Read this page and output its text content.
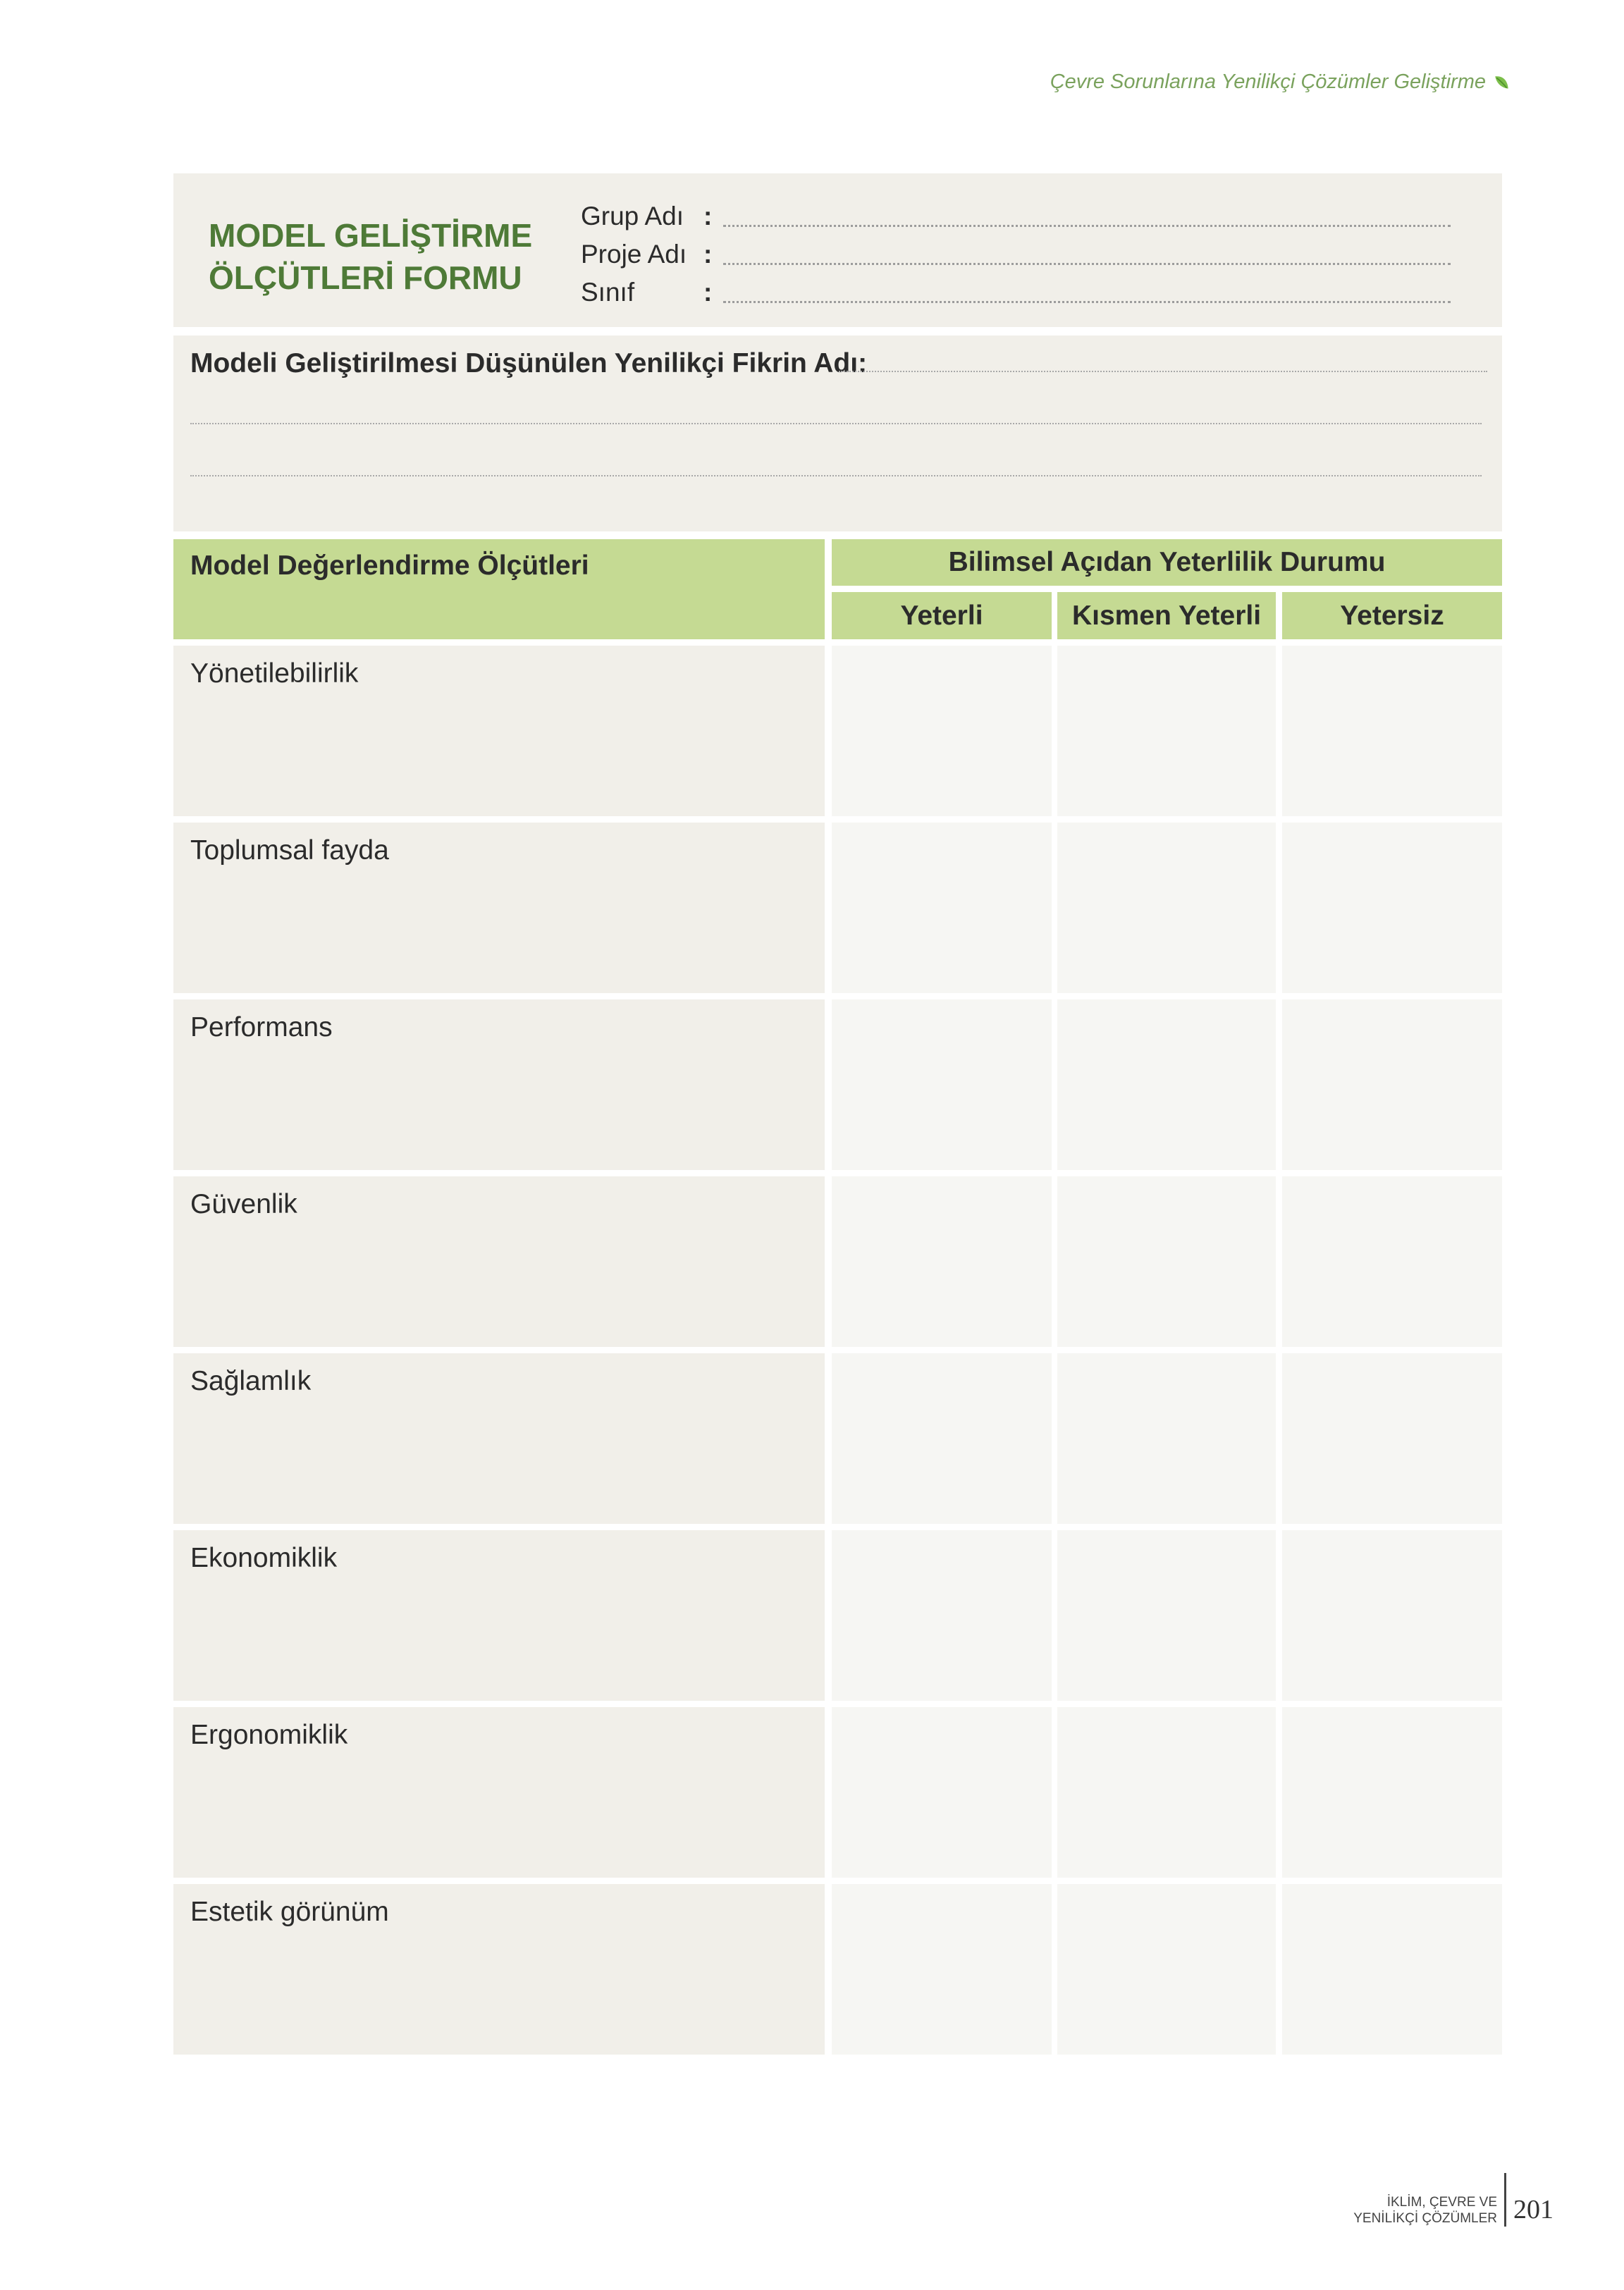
Çevre Sorunlarına Yenilikçi Çözümler Geliştirme
MODEL GELİŞTİRME
ÖLÇÜTLERİ FORMU
Grup Adı :
Proje Adı :
Sınıf	:
Modeli Geliştirilmesi Düşünülen Yenilikçi Fikrin Adı:
Model Değerlendirme Ölçütleri	Bilimsel Açıdan Yeterlilik Durumu
Yeterli	Kısmen Yeterli	Yetersiz
Yönetilebilirlik
Toplumsal fayda
Performans
Güvenlik
Sağlamlık
Ekonomiklik
Ergonomiklik
Estetik görünüm
İKLİM, ÇEVRE VE
YENİLİKÇİ ÇÖZÜMLER 201
